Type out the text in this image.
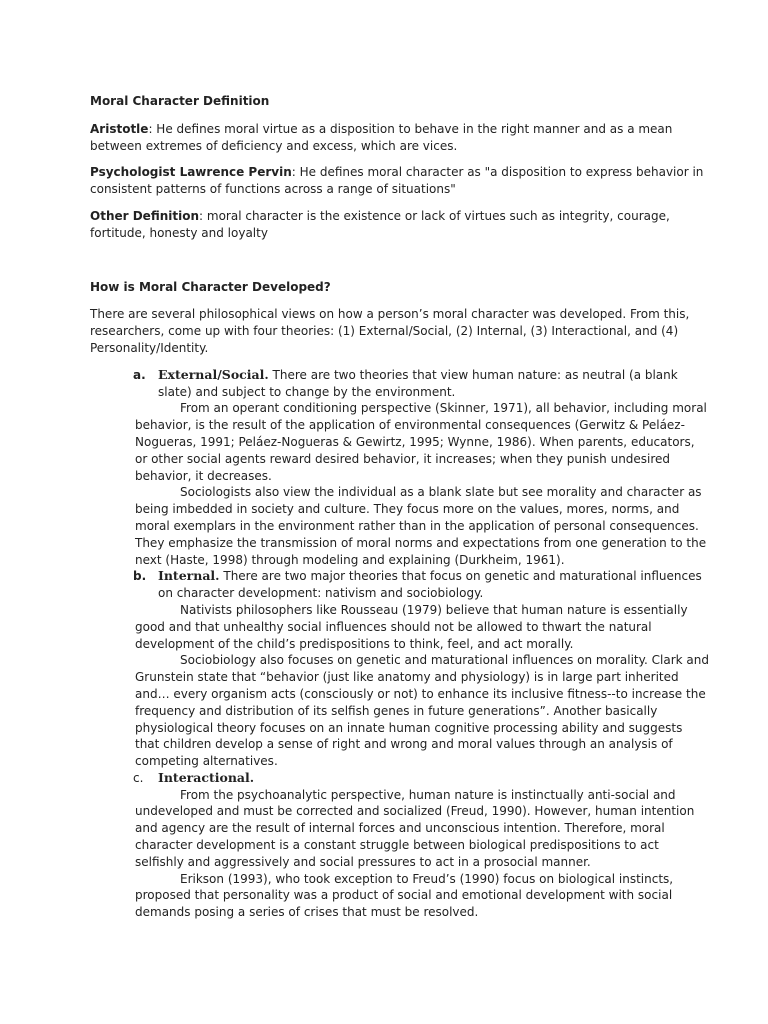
Moral Character Definition

Aristotle: He defines moral virtue as a disposition to behave in the right manner and as a mean between extremes of deficiency and excess, which are vices.

Psychologist Lawrence Pervin: He defines moral character as "a disposition to express behavior in consistent patterns of functions across a range of situations"

Other Definition: moral character is the existence or lack of virtues such as integrity, courage, fortitude, honesty and loyalty

How is Moral Character Developed?

There are several philosophical views on how a person’s moral character was developed. From this, researchers, come up with four theories: (1) External/Social, (2) Internal, (3) Interactional, and (4) Personality/Identity.

a. External/Social. There are two theories that view human nature: as neutral (a blank slate) and subject to change by the environment.

From an operant conditioning perspective (Skinner, 1971), all behavior, including moral behavior, is the result of the application of environmental consequences (Gerwitz & Peláez-Nogueras, 1991; Peláez-Nogueras & Gewirtz, 1995; Wynne, 1986). When parents, educators, or other social agents reward desired behavior, it increases; when they punish undesired behavior, it decreases.

Sociologists also view the individual as a blank slate but see morality and character as being imbedded in society and culture. They focus more on the values, mores, norms, and moral exemplars in the environment rather than in the application of personal consequences. They emphasize the transmission of moral norms and expectations from one generation to the next (Haste, 1998) through modeling and explaining (Durkheim, 1961).

b. Internal. There are two major theories that focus on genetic and maturational influences on character development: nativism and sociobiology.

Nativists philosophers like Rousseau (1979) believe that human nature is essentially good and that unhealthy social influences should not be allowed to thwart the natural development of the child’s predispositions to think, feel, and act morally.

Sociobiology also focuses on genetic and maturational influences on morality. Clark and Grunstein state that “behavior (just like anatomy and physiology) is in large part inherited and… every organism acts (consciously or not) to enhance its inclusive fitness--to increase the frequency and distribution of its selfish genes in future generations”. Another basically physiological theory focuses on an innate human cognitive processing ability and suggests that children develop a sense of right and wrong and moral values through an analysis of competing alternatives.

c. Interactional.

From the psychoanalytic perspective, human nature is instinctually anti-social and undeveloped and must be corrected and socialized (Freud, 1990). However, human intention and agency are the result of internal forces and unconscious intention. Therefore, moral character development is a constant struggle between biological predispositions to act selfishly and aggressively and social pressures to act in a prosocial manner.

Erikson (1993), who took exception to Freud’s (1990) focus on biological instincts, proposed that personality was a product of social and emotional development with social demands posing a series of crises that must be resolved.
